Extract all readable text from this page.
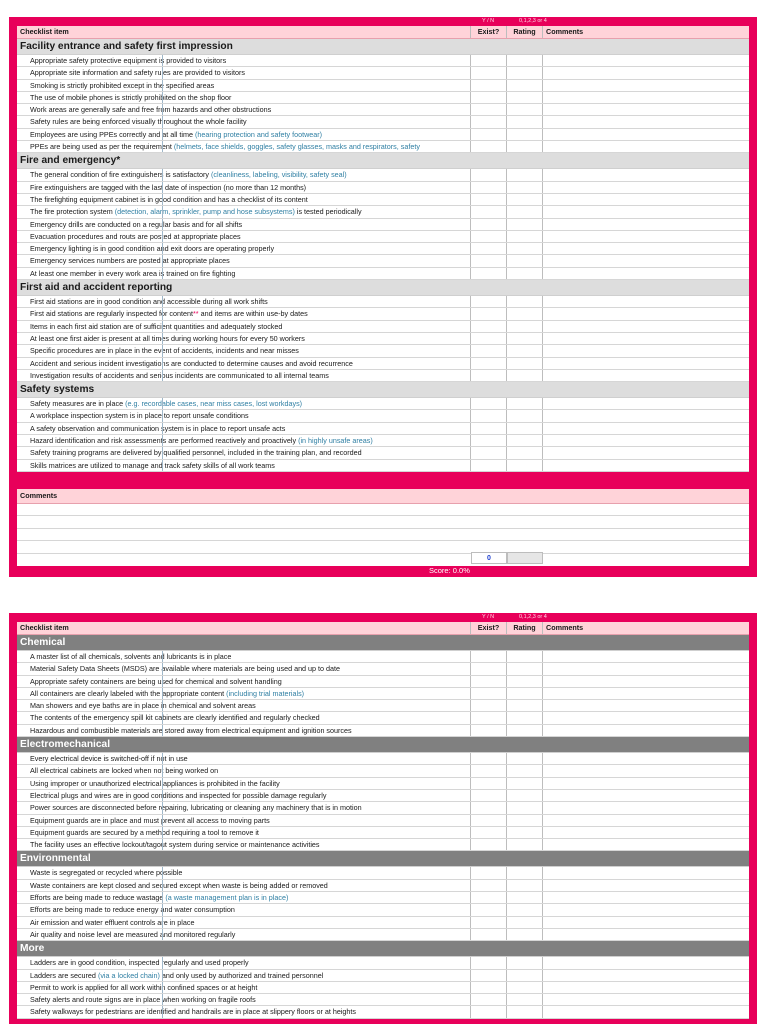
Y / N	0,1,2,3 or 4
Checklist item	Exist?	Rating	Comments
Facility entrance and safety first impression
Appropriate safety protective equipment is provided to visitors
Appropriate site information and safety rules are provided to visitors
Smoking is strictly prohibited except in the specified areas
The use of mobile phones is strictly prohibited on the shop floor
Work areas are generally safe and free from hazards and other obstructions
Safety rules are being enforced visually throughout the whole facility
Employees are using PPEs correctly and at all time (hearing protection and safety footwear)
PPEs are being used as per the requirement (helmets, face shields, goggles, safety glasses, masks and respirators, safety
Fire and emergency*
The general condition of fire extinguishers is satisfactory (cleanliness, labeling, visibility, safety seal)
Fire extinguishers are tagged with the last date of inspection (no more than 12 months)
The firefighting equipment cabinet is in good condition and has a checklist of its content
The fire protection system (detection, alarm, sprinkler, pump and hose subsystems) is tested periodically
Emergency drills are conducted on a regular basis and for all shifts
Evacuation procedures and routs are posted at appropriate places
Emergency lighting is in good condition and exit doors are operating properly
Emergency services numbers are posted at appropriate places
At least one member in every work area is trained on fire fighting
First aid and accident reporting
First aid stations are in good condition and accessible during all work shifts
First aid stations are regularly inspected for content** and items are within use-by dates
Items in each first aid station are of sufficient quantities and adequately stocked
At least one first aider is present at all times during working hours for every 50 workers
Specific procedures are in place in the event of accidents, incidents and near misses
Accident and serious incident investigations are conducted to determine causes and avoid recurrence
Investigation results of accidents and serious incidents are communicated to all internal teams
Safety systems
Safety measures are in place (e.g. recordable cases, near miss cases, lost workdays)
A workplace inspection system is in place to report unsafe conditions
A safety observation and communication system is in place to report unsafe acts
Hazard identification and risk assessments are performed reactively and proactively (in highly unsafe areas)
Safety training programs are delivered by qualified personnel, included in the training plan, and recorded
Skills matrices are utilized to manage and track safety skills of all work teams
Comments
0
Score: 0.0%
Y / N	0,1,2,3 or 4
Checklist item	Exist?	Rating	Comments
Chemical
A master list of all chemicals, solvents and lubricants is in place
Material Safety Data Sheets (MSDS) are available where materials are being used and up to date
Appropriate safety containers are being used for chemical and solvent handling
All containers are clearly labeled with the appropriate content (including trial materials)
Man showers and eye baths are in place in chemical and solvent areas
The contents of the emergency spill kit cabinets are clearly identified and regularly checked
Hazardous and combustible materials are stored away from electrical equipment and ignition sources
Electromechanical
Every electrical device is switched-off if not in use
All electrical cabinets are locked when not being worked on
Using improper or unauthorized electrical appliances is prohibited in the facility
Electrical plugs and wires are in good conditions and inspected for possible damage regularly
Power sources are disconnected before repairing, lubricating or cleaning any machinery that is in motion
Equipment guards are in place and must prevent all access to moving parts
Equipment guards are secured by a method requiring a tool to remove it
The facility uses an effective lockout/tagout system during service or maintenance activities
Environmental
Waste is segregated or recycled where possible
Waste containers are kept closed and secured except when waste is being added or removed
Efforts are being made to reduce wastage (a waste management plan is in place)
Efforts are being made to reduce energy and water consumption
Air emission and water effluent controls are in place
Air quality and noise level are measured and monitored regularly
More
Ladders are in good condition, inspected regularly and used properly
Ladders are secured (via a locked chain) and only used by authorized and trained personnel
Permit to work is applied for all work within confined spaces or at height
Safety alerts and route signs are in place when working on fragile roofs
Safety walkways for pedestrians are identified and handrails are in place at slippery floors or at heights
